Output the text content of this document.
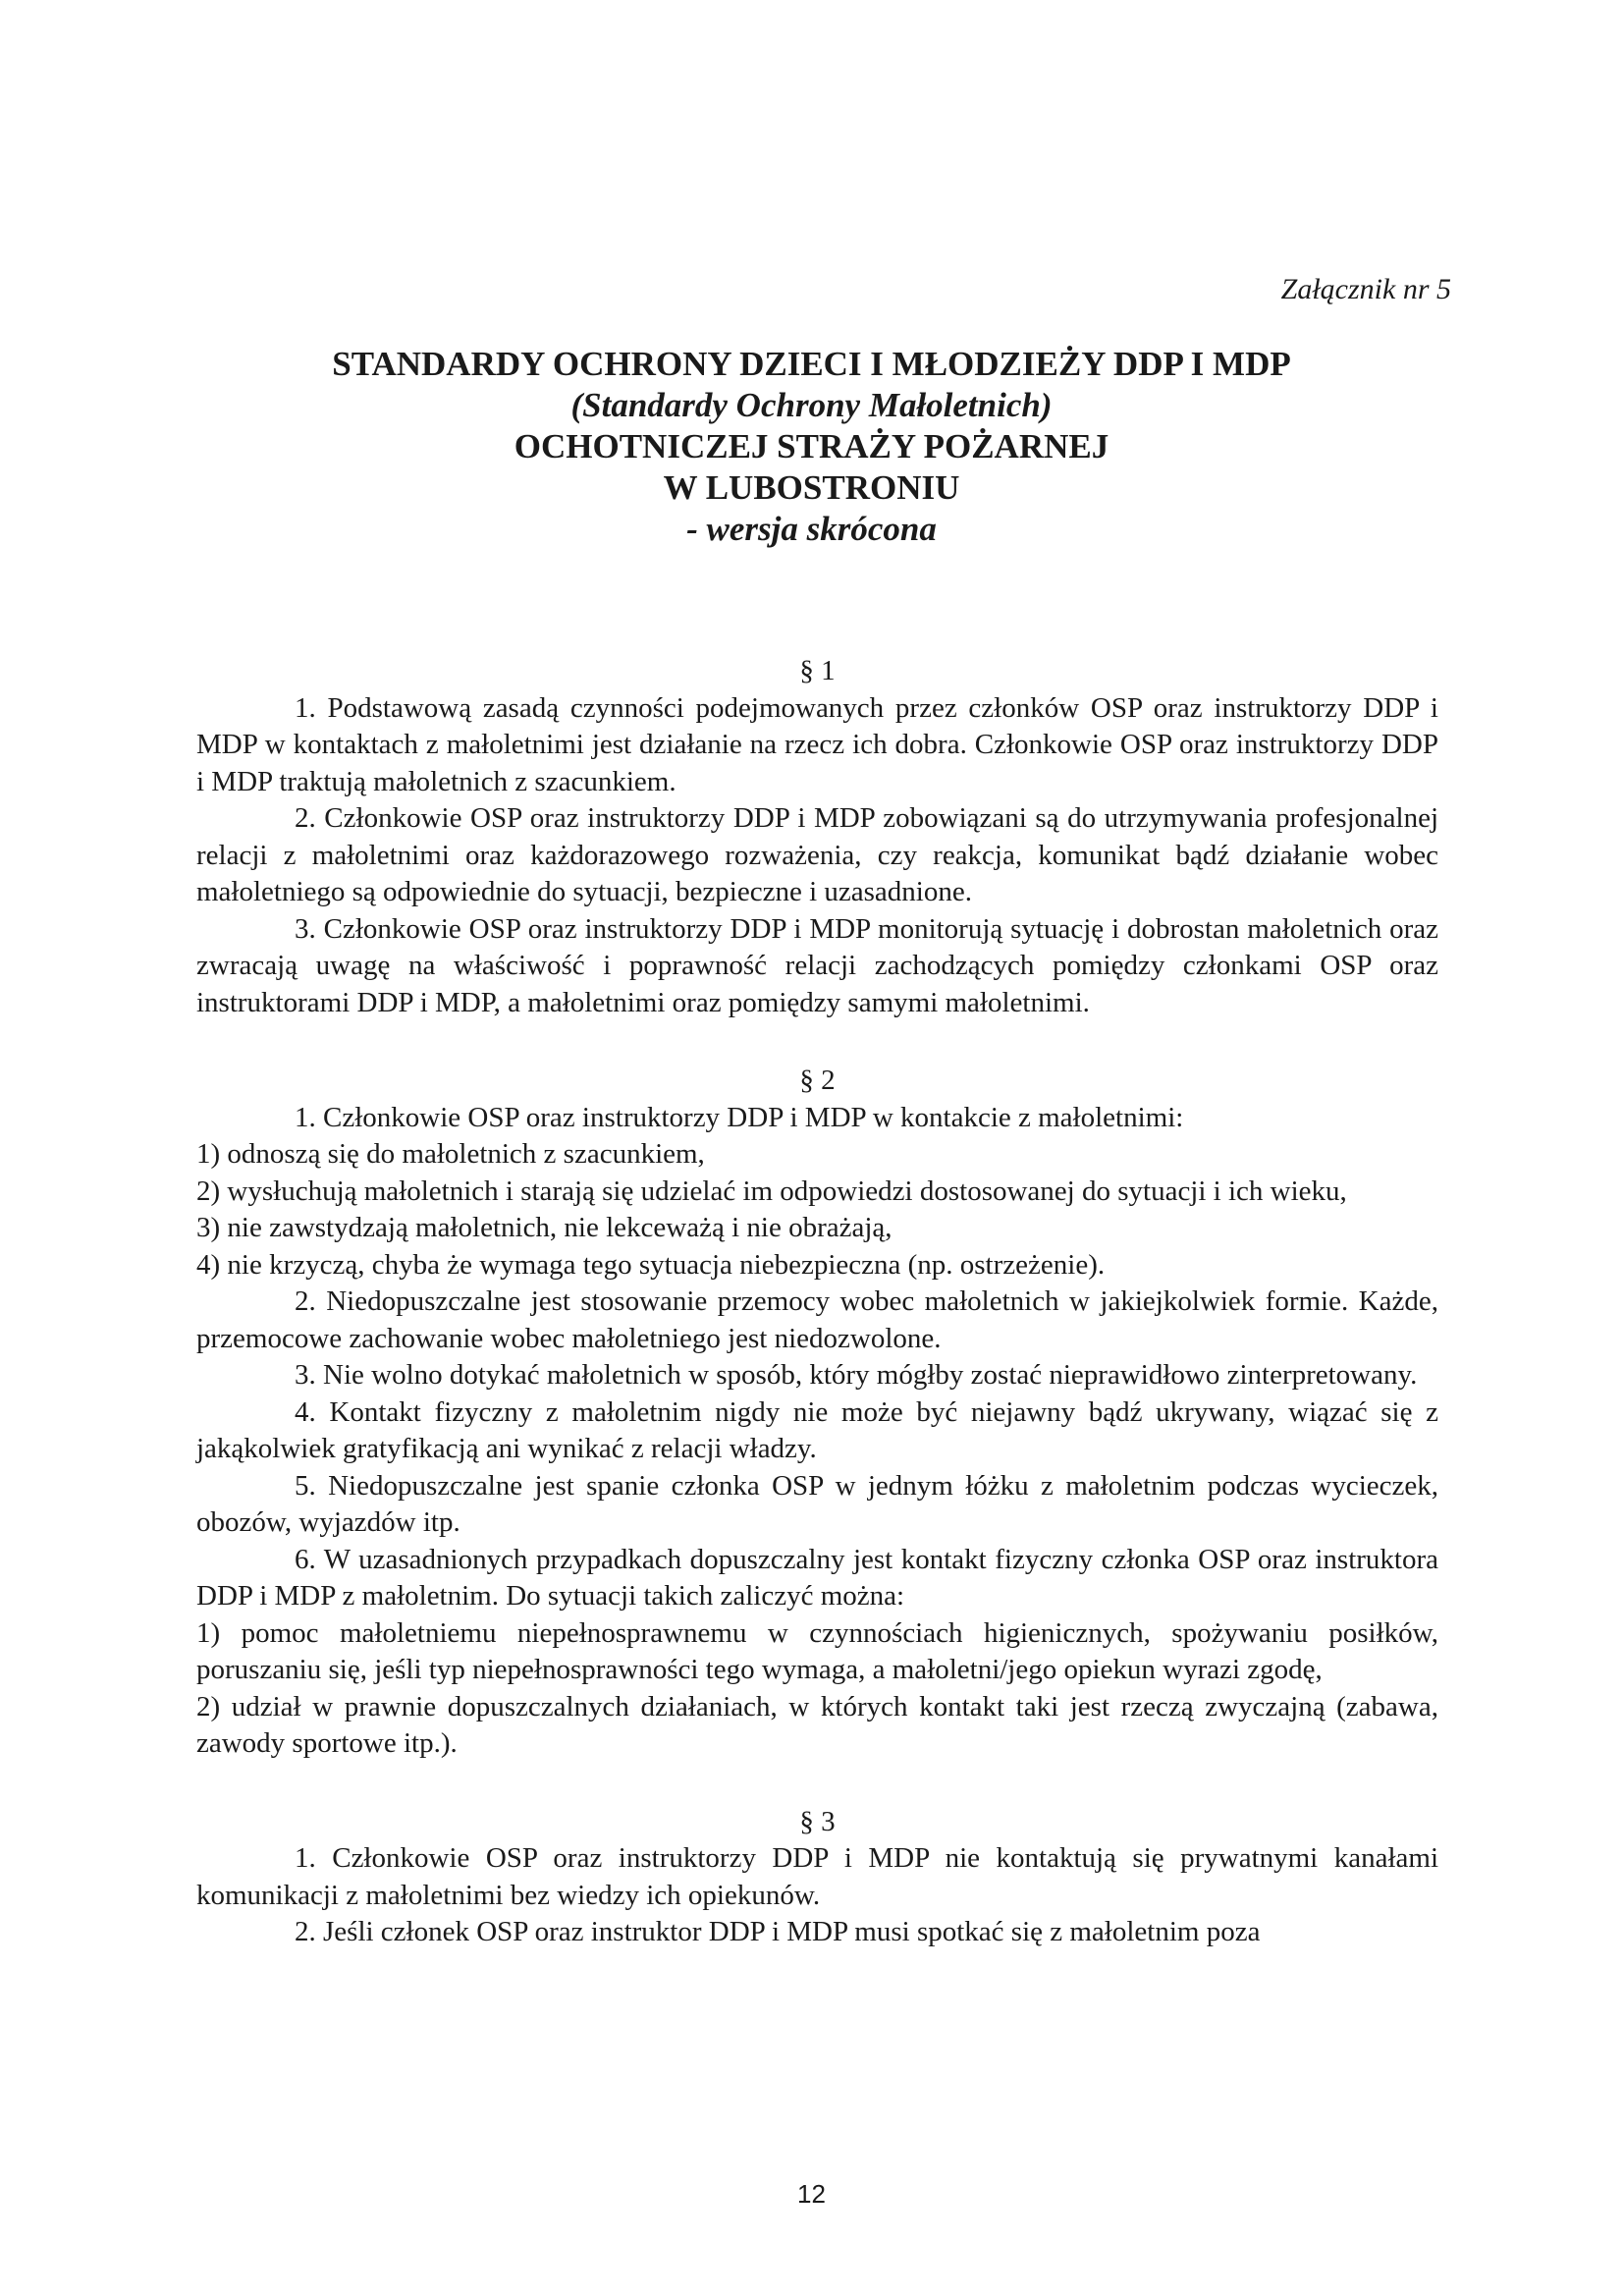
Załącznik nr 5
STANDARDY OCHRONY DZIECI I MŁODZIEŻY DDP I MDP
(Standardy Ochrony Małoletnich)
OCHOTNICZEJ STRAŻY POŻARNEJ
W LUBOSTRONIU
- wersja skrócona

§ 1

1. Podstawową zasadą czynności podejmowanych przez członków OSP oraz instruktorzy DDP i MDP w kontaktach z małoletnimi jest działanie na rzecz ich dobra. Członkowie OSP oraz instruktorzy DDP i MDP traktują małoletnich z szacunkiem.

2. Członkowie OSP oraz instruktorzy DDP i MDP zobowiązani są do utrzymywania profesjonalnej relacji z małoletnimi oraz każdorazowego rozważenia, czy reakcja, komunikat bądź działanie wobec małoletniego są odpowiednie do sytuacji, bezpieczne i uzasadnione.

3. Członkowie OSP oraz instruktorzy DDP i MDP monitorują sytuację i dobrostan małoletnich oraz zwracają uwagę na właściwość i poprawność relacji zachodzących pomiędzy członkami OSP oraz instruktorami DDP i MDP, a małoletnimi oraz pomiędzy samymi małoletnimi.

§ 2

1. Członkowie OSP oraz instruktorzy DDP i MDP w kontakcie z małoletnimi:

1) odnoszą się do małoletnich z szacunkiem,

2) wysłuchują małoletnich i starają się udzielać im odpowiedzi dostosowanej do sytuacji i ich wieku,

3) nie zawstydzają małoletnich, nie lekceważą i nie obrażają,

4) nie krzyczą, chyba że wymaga tego sytuacja niebezpieczna (np. ostrzeżenie).

2. Niedopuszczalne jest stosowanie przemocy wobec małoletnich w jakiejkolwiek formie. Każde, przemocowe zachowanie wobec małoletniego jest niedozwolone.

3. Nie wolno dotykać małoletnich w sposób, który mógłby zostać nieprawidłowo zinterpretowany.

4. Kontakt fizyczny z małoletnim nigdy nie może być niejawny bądź ukrywany, wiązać się z jakąkolwiek gratyfikacją ani wynikać z relacji władzy.

5. Niedopuszczalne jest spanie członka OSP w jednym łóżku z małoletnim podczas wycieczek, obozów, wyjazdów itp.

6. W uzasadnionych przypadkach dopuszczalny jest kontakt fizyczny członka OSP oraz instruktora DDP i MDP z małoletnim. Do sytuacji takich zaliczyć można:

1) pomoc małoletniemu niepełnosprawnemu w czynnościach higienicznych, spożywaniu posiłków, poruszaniu się, jeśli typ niepełnosprawności tego wymaga, a małoletni/jego opiekun wyrazi zgodę,

2) udział w prawnie dopuszczalnych działaniach, w których kontakt taki jest rzeczą zwyczajną (zabawa, zawody sportowe itp.).

§ 3

1. Członkowie OSP oraz instruktorzy DDP i MDP nie kontaktują się prywatnymi kanałami komunikacji z małoletnimi bez wiedzy ich opiekunów.

2. Jeśli członek OSP oraz instruktor DDP i MDP musi spotkać się z małoletnim poza

12
